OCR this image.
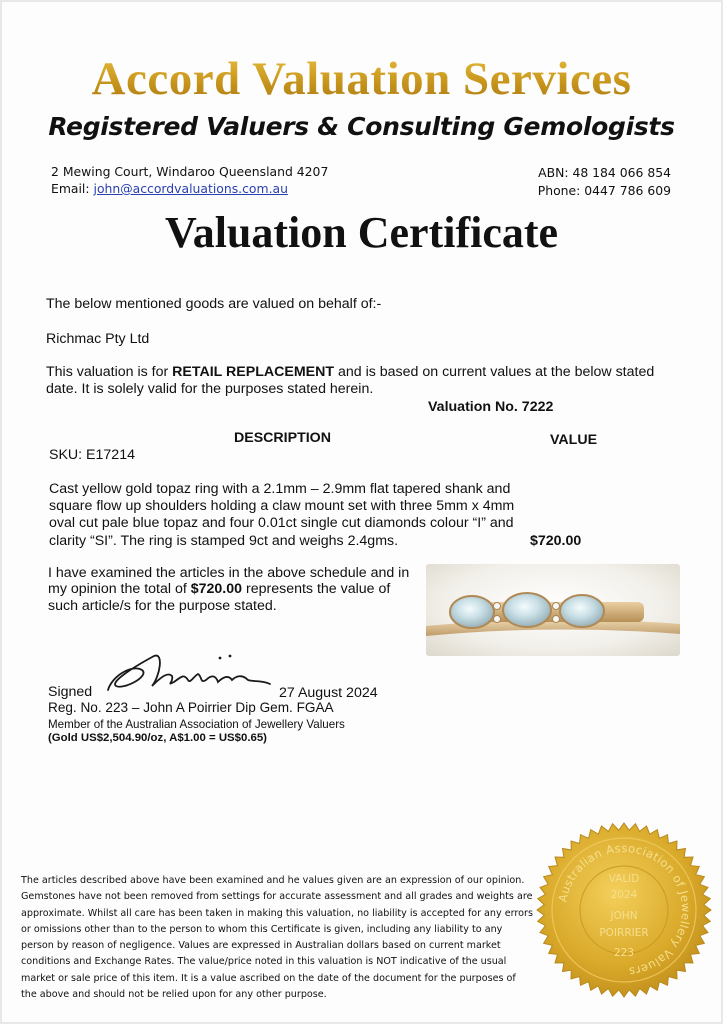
Accord Valuation Services
Registered Valuers & Consulting Gemologists
2 Mewing Court, Windaroo Queensland 4207
Email: john@accordvaluations.com.au
ABN: 48 184 066 854
Phone: 0447 786 609
Valuation Certificate
The below mentioned goods are valued on behalf of:-
Richmac Pty Ltd
This valuation is for RETAIL REPLACEMENT and is based on current values at the below stated date. It is solely valid for the purposes stated herein.
Valuation No. 7222
DESCRIPTION	VALUE
SKU: E17214
Cast yellow gold topaz ring with a 2.1mm – 2.9mm flat tapered shank and square flow up shoulders holding a claw mount set with three 5mm x 4mm oval cut pale blue topaz and four 0.01ct single cut diamonds colour “I” and clarity “SI”. The ring is stamped 9ct and weighs 2.4gms.	$720.00
I have examined the articles in the above schedule and in my opinion the total of $720.00 represents the value of such article/s for the purpose stated.
Signed	27 August 2024
Reg. No. 223 – John A Poirrier Dip Gem. FGAA
Member of the Australian Association of Jewellery Valuers
(Gold US$2,504.90/oz, A$1.00 = US$0.65)
The articles described above have been examined and he values given are an expression of our opinion. Gemstones have not been removed from settings for accurate assessment and all grades and weights are approximate. Whilst all care has been taken in making this valuation, no liability is accepted for any errors or omissions other than to the person to whom this Certificate is given, including any liability to any person by reason of negligence. Values are expressed in Australian dollars based on current market conditions and Exchange Rates. The value/price noted in this valuation is NOT indicative of the usual market or sale price of this item. It is a value ascribed on the date of the document for the purposes of the above and should not be relied upon for any other purpose.
Australian Association of Jewellery Valuers
VALID
2024
JOHN
POIRRIER
223
